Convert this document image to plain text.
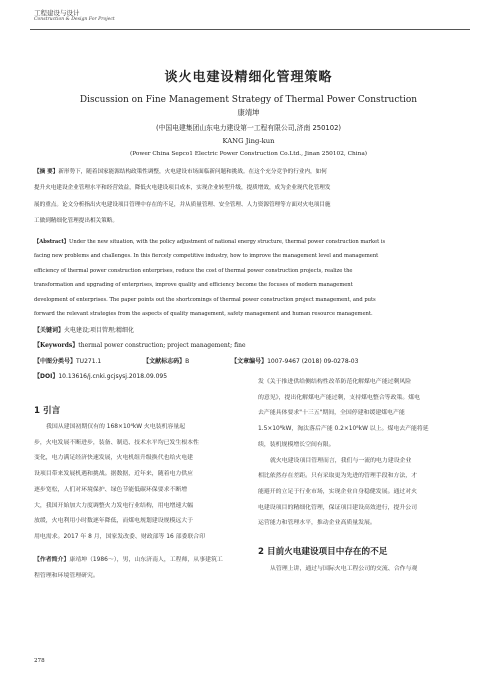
工程建设与设计
Construction & Design For Project
谈火电建设精细化管理策略
Discussion on Fine Management Strategy of Thermal Power Construction
康靖坤
(中国电建集团山东电力建设第一工程有限公司,济南 250102)
KANG Jing-kun
(Power China Sepco1 Electric Power Construction Co.Ltd., Jinan 250102, China)
【摘 要】新形势下，随着国家能源结构政策性调整，火电建设市场面临新问题和挑战。在这个充分竞争的行业内，如何
提升火电建设企业管理水平和经营效益，降低火电建设项目成本，实现企业转型升级，提质增效，成为企业现代化管理发
展的重点。论文分析指出火电建设项目管理中存在的不足，并从质量管理、安全管理、人力资源管理等方面对火电项目施
工做到精细化管理提出相关策略。
【Abstract】Under the new situation, with the policy adjustment of national energy structure, thermal power construction market is
facing new problems and challenges. In this fiercely competitive industry, how to improve the management level and management
efficiency of thermal power construction enterprises, reduce the cost of thermal power construction projects, realize the
transformation and upgrading of enterprises, improve quality and efficiency become the focuses of modern management
development of enterprises. The paper points out the shortcomings of thermal power construction project management, and puts
forward the relevant strategies from the aspects of quality management, safety management and human resource management.
【关键词】火电建设;项目管理;精细化
【Keywords】thermal power construction; project management; fine
【中图分类号】TU271.1	【文献标志码】B	【文章编号】1007-9467 (2018) 09-0278-03
【DOI】10.13616/j.cnki.gcjsysj.2018.09.095
1 引言
我国从建国初期仅有的 168×10⁴kW 火电装机容量起
步，火电发展不断进步，装备、制造、技术水平均已发生根本性
变化，电力满足经济快速发展，火电机组升级换代也给火电建
设项目带来发展机遇和挑战。据数据，近年来，随着电力供应
逐步宽松，人们对环境保护、绿色节能低碳环保要求不断增
大，我国开始加大力度调整火力发电行业结构，用电增速大幅
放缓，火电利用小时数逐年降低，而煤电规划建设规模远大于
用电需求。2017 年 8 月，国家发改委、财政部等 16 部委联合印
【作者简介】康靖坤（1986～），男，山东济南人，工程师，从事建筑工
程管理和环境管理研究。
发《关于推进供给侧结构性改革防范化解煤电产能过剩风险
的意见》，提出化解煤电产能过剩，支持煤电整合等政策。煤电
去产能具体要求"十三五"期间，全国停建和缓建煤电产能
1.5×10⁸kW，淘汰落后产能 0.2×10⁸kW 以上。煤电去产能将延
续，装机规模增长空间有限。
就火电建设项目管理而言，我们与一流的电力建设企业
相比依然存在差距。只有采取更为先进的管理手段和方法，才
能避开的立足于行业市场，实现企业自身稳健发展。通过对火
电建设项目的精细化管理，保证项目建设高效进行，提升公司
运营能力和管理水平，推动企业高质量发展。
2 目前火电建设项目中存在的不足
从管理上讲，通过与国际火电工程公司的交流、合作与观
278
